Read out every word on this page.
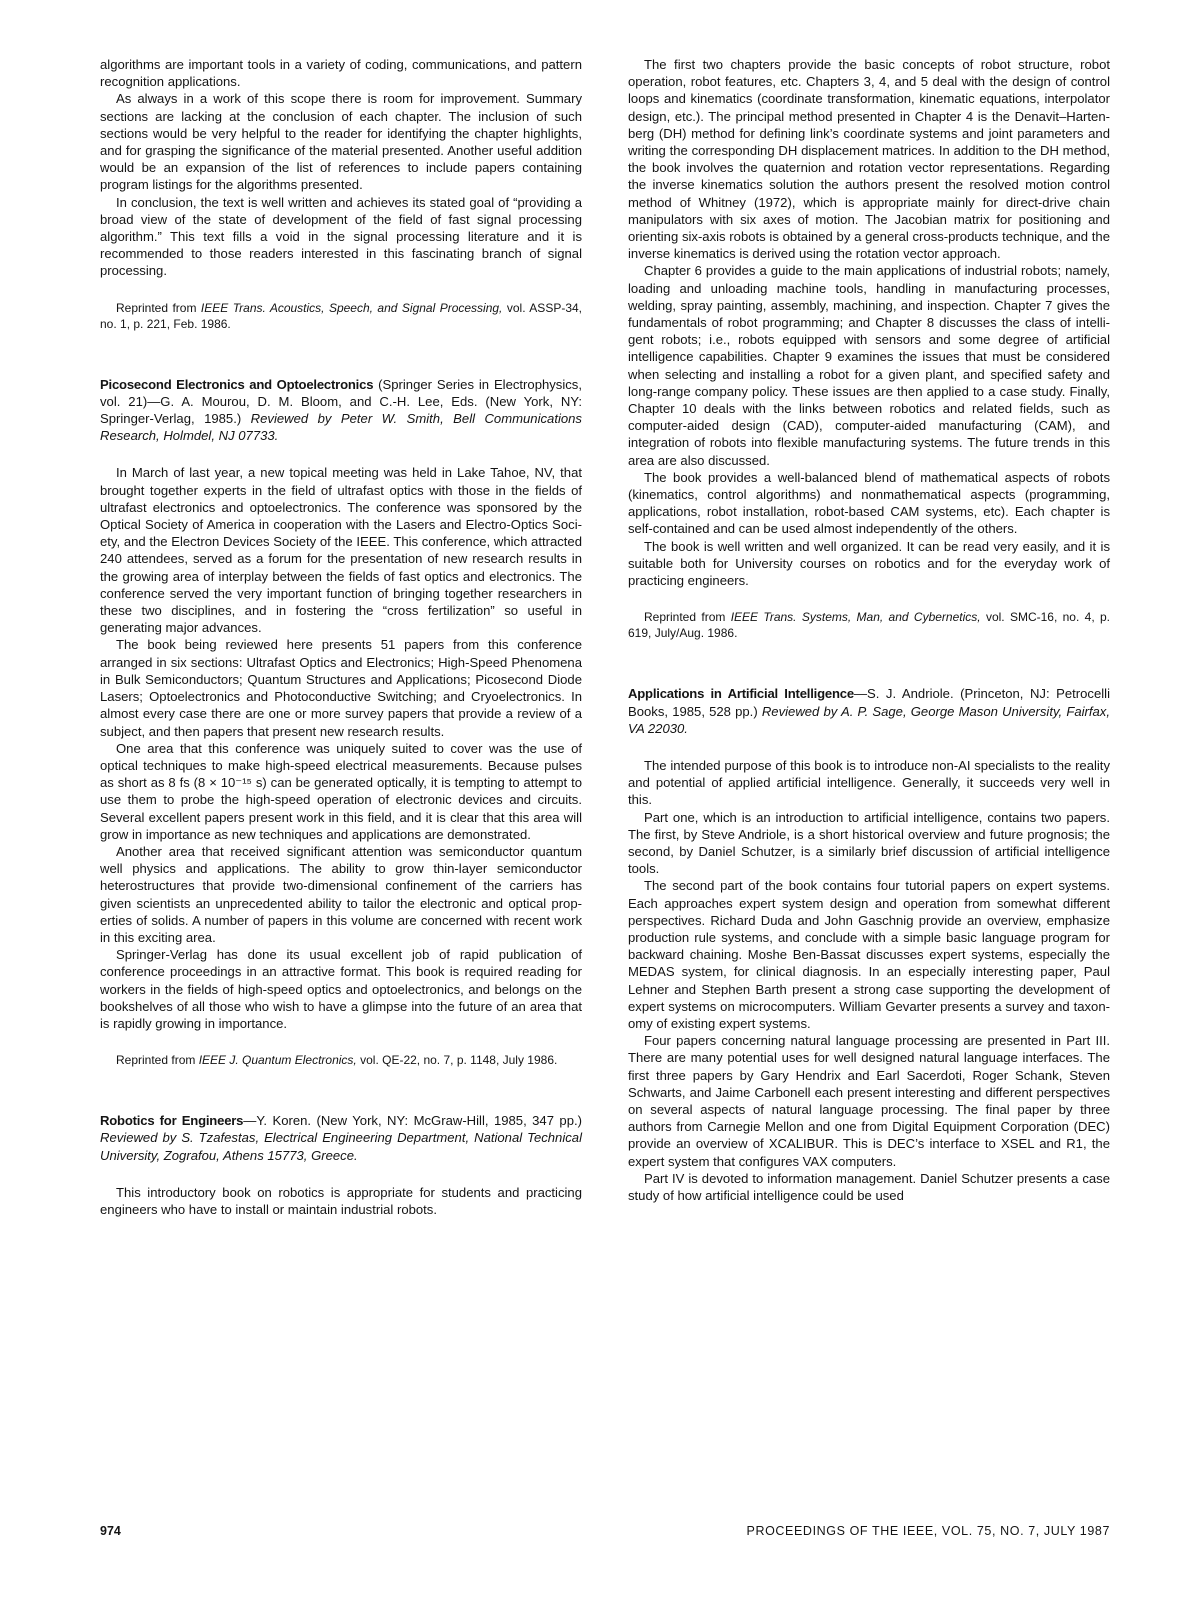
algorithms are important tools in a variety of coding, communications, and pattern recognition applications.

As always in a work of this scope there is room for improvement. Summary sections are lacking at the conclusion of each chapter. The inclusion of such sections would be very helpful to the reader for identifying the chapter highlights, and for grasping the significance of the material presented. Another useful addition would be an expansion of the list of references to include papers containing program listings for the algorithms presented.

In conclusion, the text is well written and achieves its stated goal of “providing a broad view of the state of development of the field of fast signal processing algorithm.” This text fills a void in the signal processing literature and it is recommended to those readers interested in this fascinating branch of signal processing.

Reprinted from IEEE Trans. Acoustics, Speech, and Signal Processing, vol. ASSP-34, no. 1, p. 221, Feb. 1986.

Picosecond Electronics and Optoelectronics (Springer Series in Electrophysics, vol. 21)—G. A. Mourou, D. M. Bloom, and C.-H. Lee, Eds. (New York, NY: Springer-Verlag, 1985.) Reviewed by Peter W. Smith, Bell Communications Research, Holmdel, NJ 07733.

In March of last year, a new topical meeting was held in Lake Tahoe, NV, that brought together experts in the field of ultrafast optics with those in the fields of ultrafast electronics and optoelectronics. The conference was sponsored by the Optical Society of America in cooperation with the Lasers and Electro-Optics Society, and the Electron Devices Society of the IEEE. This conference, which attracted 240 attendees, served as a forum for the presentation of new research results in the growing area of interplay between the fields of fast optics and electronics. The conference served the very important function of bringing together researchers in these two disciplines, and in fostering the “cross fertilization” so useful in generating major advances.

The book being reviewed here presents 51 papers from this conference arranged in six sections: Ultrafast Optics and Electronics; High-Speed Phenomena in Bulk Semiconductors; Quantum Structures and Applications; Picosecond Diode Lasers; Optoelectronics and Photoconductive Switching; and Cryoelectronics. In almost every case there are one or more survey papers that provide a review of a subject, and then papers that present new research results.

One area that this conference was uniquely suited to cover was the use of optical techniques to make high-speed electrical measurements. Because pulses as short as 8 fs (8 × 10⁻¹⁵ s) can be generated optically, it is tempting to attempt to use them to probe the high-speed operation of electronic devices and circuits. Several excellent papers present work in this field, and it is clear that this area will grow in importance as new techniques and applications are demonstrated.

Another area that received significant attention was semiconductor quantum well physics and applications. The ability to grow thin-layer semiconductor heterostructures that provide two-dimensional confinement of the carriers has given scientists an unprecedented ability to tailor the electronic and optical properties of solids. A number of papers in this volume are concerned with recent work in this exciting area.

Springer-Verlag has done its usual excellent job of rapid publication of conference proceedings in an attractive format. This book is required reading for workers in the fields of high-speed optics and optoelectronics, and belongs on the bookshelves of all those who wish to have a glimpse into the future of an area that is rapidly growing in importance.

Reprinted from IEEE J. Quantum Electronics, vol. QE-22, no. 7, p. 1148, July 1986.

Robotics for Engineers—Y. Koren. (New York, NY: McGraw-Hill, 1985, 347 pp.) Reviewed by S. Tzafestas, Electrical Engineering Department, National Technical University, Zografou, Athens 15773, Greece.

This introductory book on robotics is appropriate for students and practicing engineers who have to install or maintain industrial robots.

The first two chapters provide the basic concepts of robot structure, robot operation, robot features, etc. Chapters 3, 4, and 5 deal with the design of control loops and kinematics (coordinate transformation, kinematic equations, interpolator design, etc.). The principal method presented in Chapter 4 is the Denavit–Hartenberg (DH) method for defining link’s coordinate systems and joint parameters and writing the corresponding DH displacement matrices. In addition to the DH method, the book involves the quaternion and rotation vector representations. Regarding the inverse kinematics solution the authors present the resolved motion control method of Whitney (1972), which is appropriate mainly for direct-drive chain manipulators with six axes of motion. The Jacobian matrix for positioning and orienting six-axis robots is obtained by a general cross-products technique, and the inverse kinematics is derived using the rotation vector approach.

Chapter 6 provides a guide to the main applications of industrial robots; namely, loading and unloading machine tools, handling in manufacturing processes, welding, spray painting, assembly, machining, and inspection. Chapter 7 gives the fundamentals of robot programming; and Chapter 8 discusses the class of intelligent robots; i.e., robots equipped with sensors and some degree of artificial intelligence capabilities. Chapter 9 examines the issues that must be considered when selecting and installing a robot for a given plant, and specified safety and long-range company policy. These issues are then applied to a case study. Finally, Chapter 10 deals with the links between robotics and related fields, such as computer-aided design (CAD), computer-aided manufacturing (CAM), and integration of robots into flexible manufacturing systems. The future trends in this area are also discussed.

The book provides a well-balanced blend of mathematical aspects of robots (kinematics, control algorithms) and nonmathematical aspects (programming, applications, robot installation, robot-based CAM systems, etc). Each chapter is self-contained and can be used almost independently of the others.

The book is well written and well organized. It can be read very easily, and it is suitable both for University courses on robotics and for the everyday work of practicing engineers.

Reprinted from IEEE Trans. Systems, Man, and Cybernetics, vol. SMC-16, no. 4, p. 619, July/Aug. 1986.

Applications in Artificial Intelligence—S. J. Andriole. (Princeton, NJ: Petrocelli Books, 1985, 528 pp.) Reviewed by A. P. Sage, George Mason University, Fairfax, VA 22030.

The intended purpose of this book is to introduce non-AI specialists to the reality and potential of applied artificial intelligence. Generally, it succeeds very well in this.

Part one, which is an introduction to artificial intelligence, contains two papers. The first, by Steve Andriole, is a short historical overview and future prognosis; the second, by Daniel Schutzer, is a similarly brief discussion of artificial intelligence tools.

The second part of the book contains four tutorial papers on expert systems. Each approaches expert system design and operation from somewhat different perspectives. Richard Duda and John Gaschnig provide an overview, emphasize production rule systems, and conclude with a simple basic language program for backward chaining. Moshe Ben-Bassat discusses expert systems, especially the MEDAS system, for clinical diagnosis. In an especially interesting paper, Paul Lehner and Stephen Barth present a strong case supporting the development of expert systems on microcomputers. William Gevarter presents a survey and taxonomy of existing expert systems.

Four papers concerning natural language processing are presented in Part III. There are many potential uses for well designed natural language interfaces. The first three papers by Gary Hendrix and Earl Sacerdoti, Roger Schank, Steven Schwarts, and Jaime Carbonell each present interesting and different perspectives on several aspects of natural language processing. The final paper by three authors from Carnegie Mellon and one from Digital Equipment Corporation (DEC) provide an overview of XCALIBUR. This is DEC’s interface to XSEL and R1, the expert system that configures VAX computers.

Part IV is devoted to information management. Daniel Schutzer presents a case study of how artificial intelligence could be used

974	PROCEEDINGS OF THE IEEE, VOL. 75, NO. 7, JULY 1987
